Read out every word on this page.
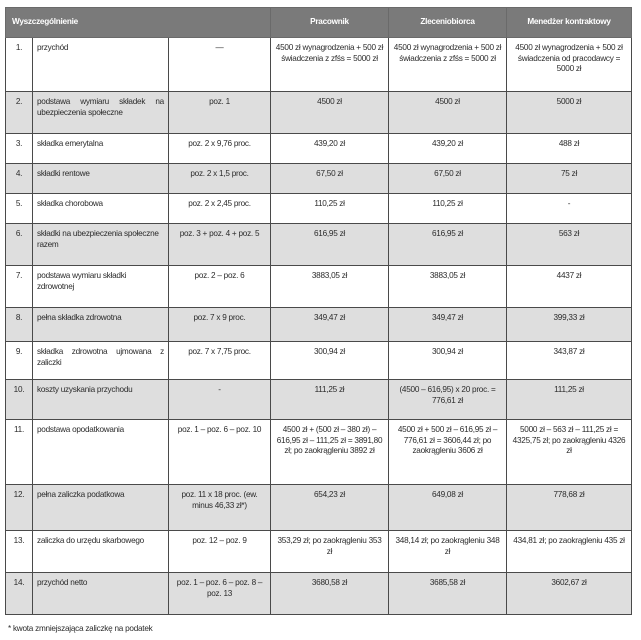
Wyszczególnienie			Pracownik	Zleceniobiorca	Menedżer kontraktowy
1.	przychód	—	4500 zł wynagrodzenia + 500 zł świadczenia z zfśs = 5000 zł	4500 zł wynagrodzenia + 500 zł świadczenia z zfśs = 5000 zł	4500 zł wynagrodzenia + 500 zł świadczenia od pracodawcy = 5000 zł
2.	podstawa wymiaru składek na ubezpieczenia społeczne	poz. 1	4500 zł	4500 zł	5000 zł
3.	składka emerytalna	poz. 2 x 9,76 proc.	439,20 zł	439,20 zł	488 zł
4.	składki rentowe	poz. 2 x 1,5 proc.	67,50 zł	67,50 zł	75 zł
5.	składka chorobowa	poz. 2 x 2,45 proc.	110,25 zł	110,25 zł	-
6.	składki na ubezpieczenia społeczne razem	poz. 3 + poz. 4 + poz. 5	616,95 zł	616,95 zł	563 zł
7.	podstawa wymiaru składki zdrowotnej	poz. 2 – poz. 6	3883,05 zł	3883,05 zł	4437 zł
8.	pełna składka zdrowotna	poz. 7 x 9 proc.	349,47 zł	349,47 zł	399,33 zł
9.	składka zdrowotna ujmowana z zaliczki	poz. 7 x 7,75 proc.	300,94 zł	300,94 zł	343,87 zł
10.	koszty uzyskania przychodu	-	111,25 zł	(4500 – 616,95) x 20 proc. = 776,61 zł	111,25 zł
11.	podstawa opodatkowania	poz. 1 – poz. 6 – poz. 10	4500 zł + (500 zł – 380 zł) – 616,95 zł – 111,25 zł = 3891,80 zł; po zaokrągleniu 3892 zł	4500 zł + 500 zł – 616,95 zł – 776,61 zł = 3606,44 zł; po zaokrągleniu 3606 zł	5000 zł – 563 zł – 111,25 zł = 4325,75 zł; po zaokrągleniu 4326 zł
12.	pełna zaliczka podatkowa	poz. 11 x 18 proc. (ew. minus 46,33 zł*)	654,23 zł	649,08 zł	778,68 zł
13.	zaliczka do urzędu skarbowego	poz. 12 – poz. 9	353,29 zł; po zaokrągleniu 353 zł	348,14 zł; po zaokrągleniu 348 zł	434,81 zł; po zaokrągleniu 435 zł
14.	przychód netto	poz. 1 – poz. 6 – poz. 8 – poz. 13	3680,58 zł	3685,58 zł	3602,67 zł
* kwota zmniejszająca zaliczkę na podatek
